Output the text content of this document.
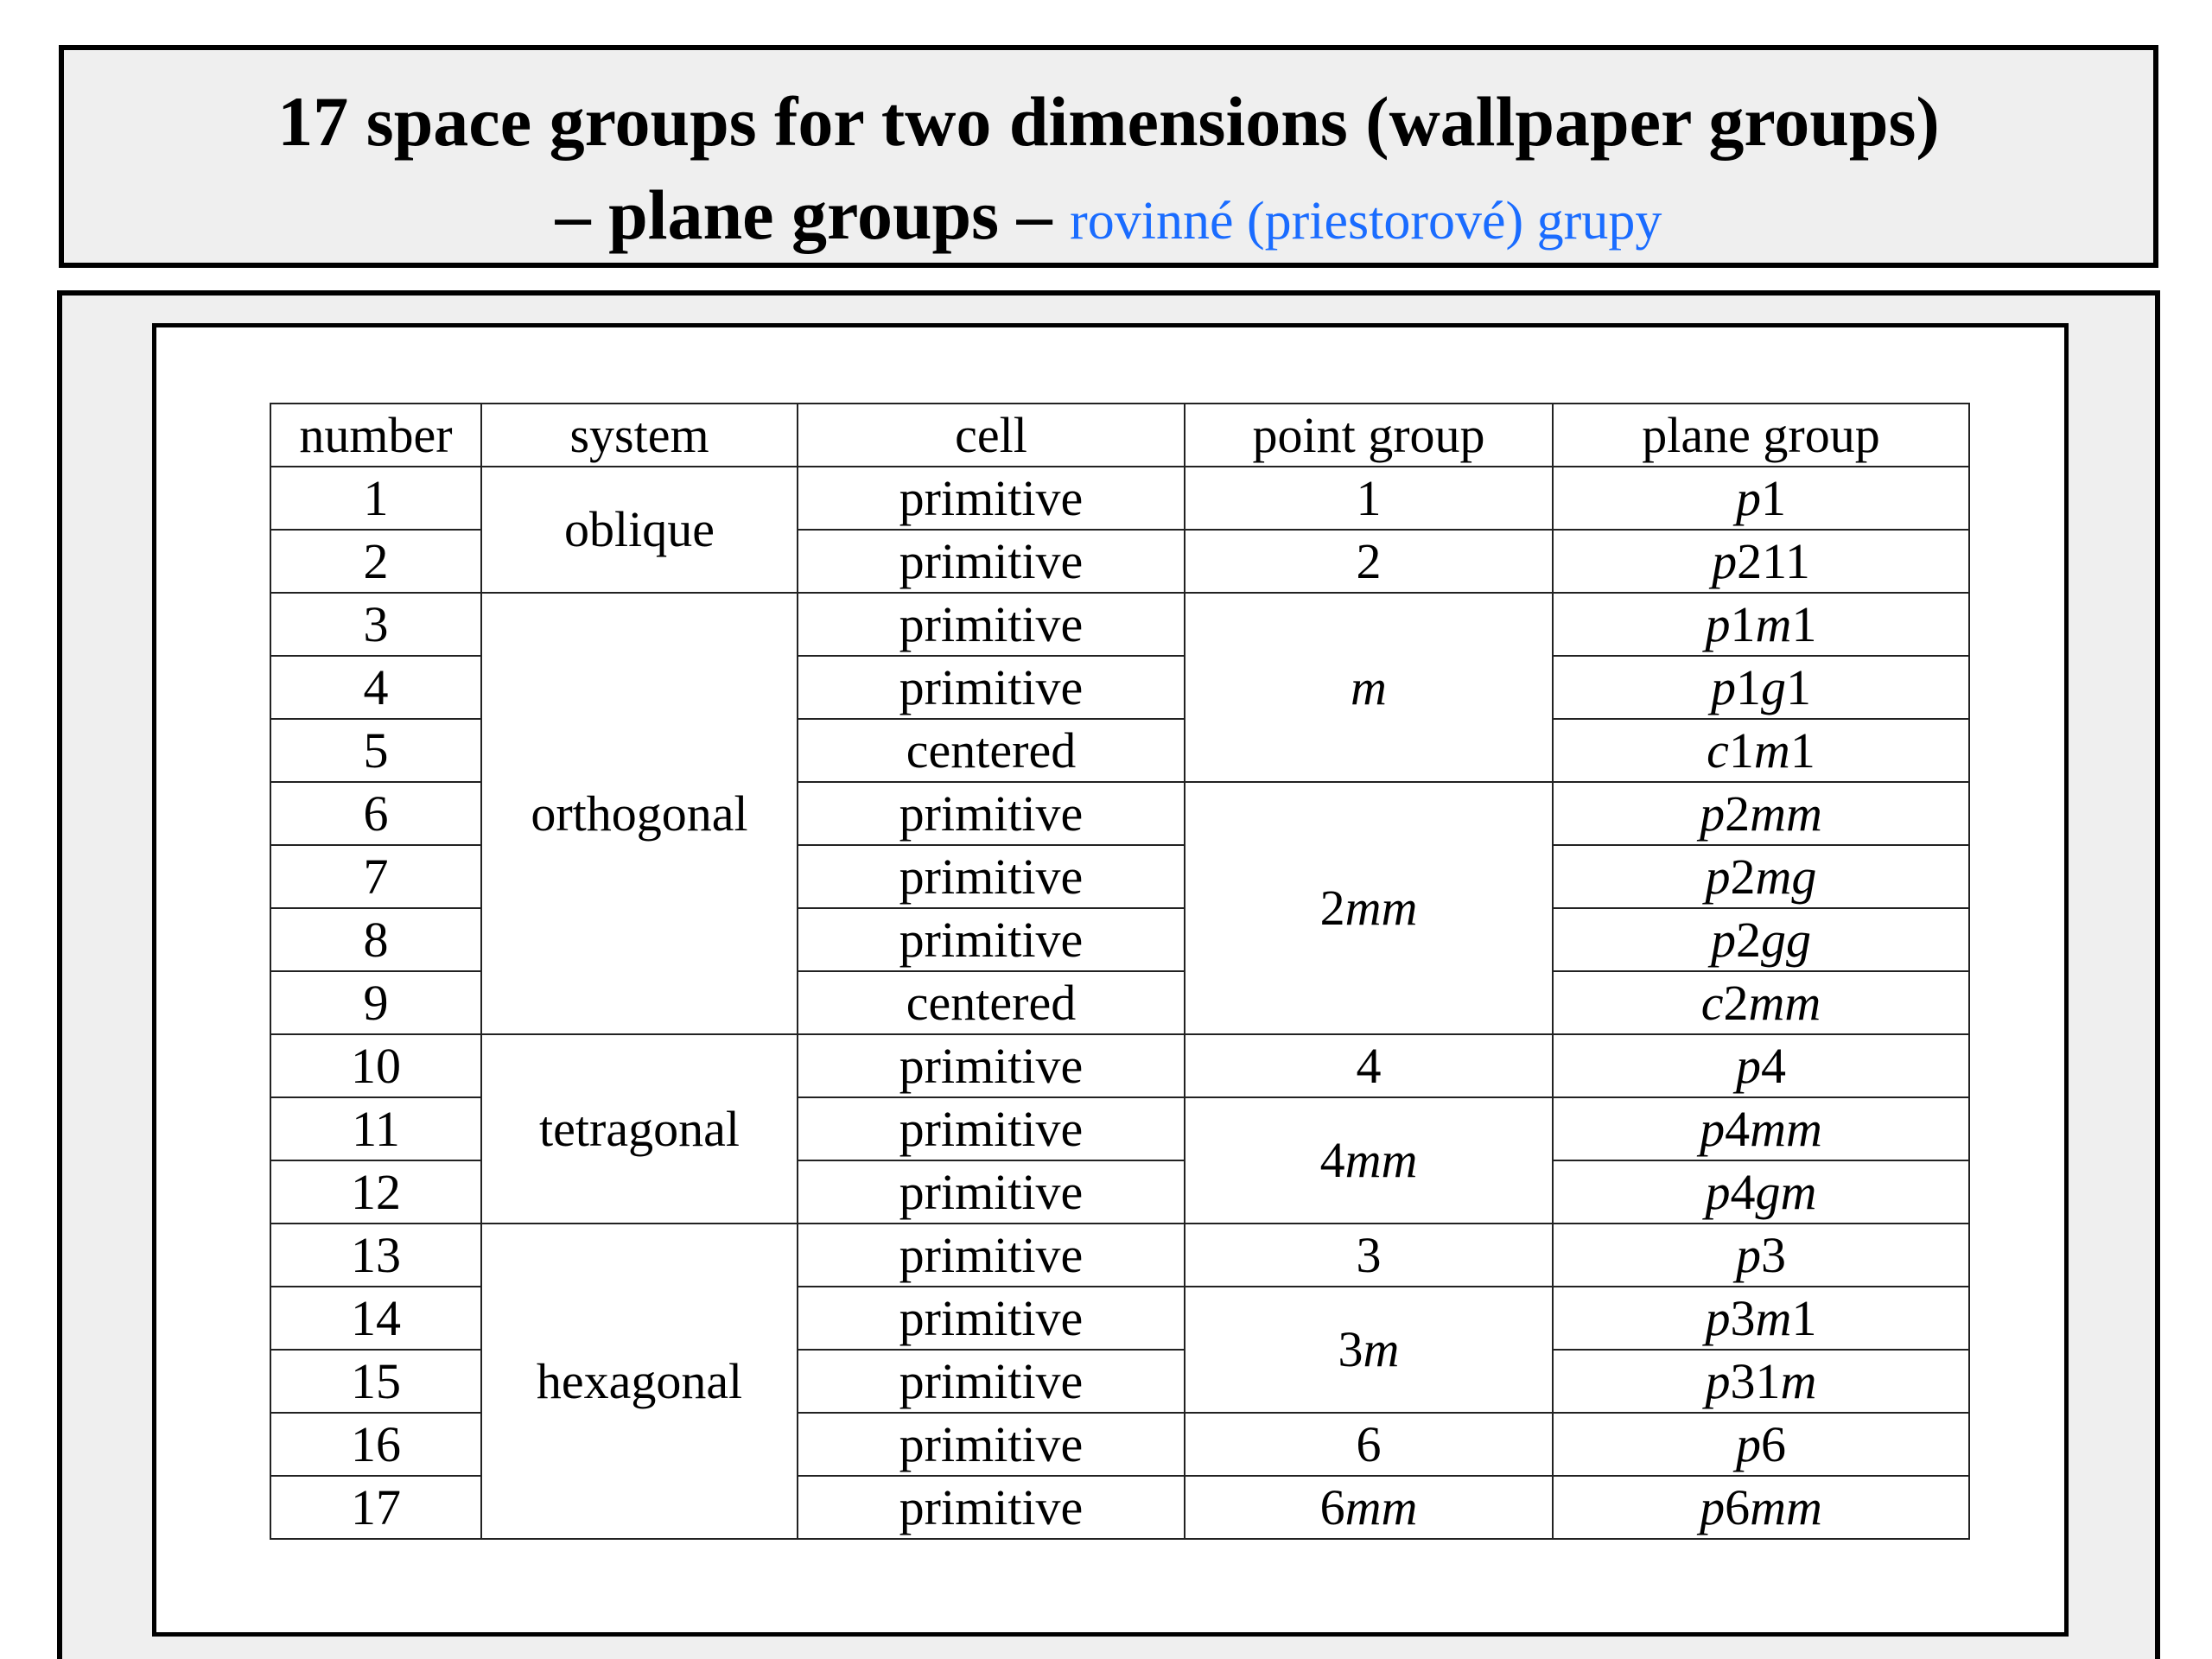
17 space groups for two dimensions (wallpaper groups)
– plane groups – rovinné (priestorové) grupy
number	system	cell	point group	plane group
1	oblique	primitive	1	p1
2		primitive	2	p211
3	orthogonal	primitive	m	p1m1
4		primitive		p1g1
5		centered		c1m1
6		primitive	2mm	p2mm
7		primitive		p2mg
8		primitive		p2gg
9		centered		c2mm
10	tetragonal	primitive	4	p4
11		primitive	4mm	p4mm
12		primitive		p4gm
13	hexagonal	primitive	3	p3
14		primitive	3m	p3m1
15		primitive		p31m
16		primitive	6	p6
17		primitive	6mm	p6mm
